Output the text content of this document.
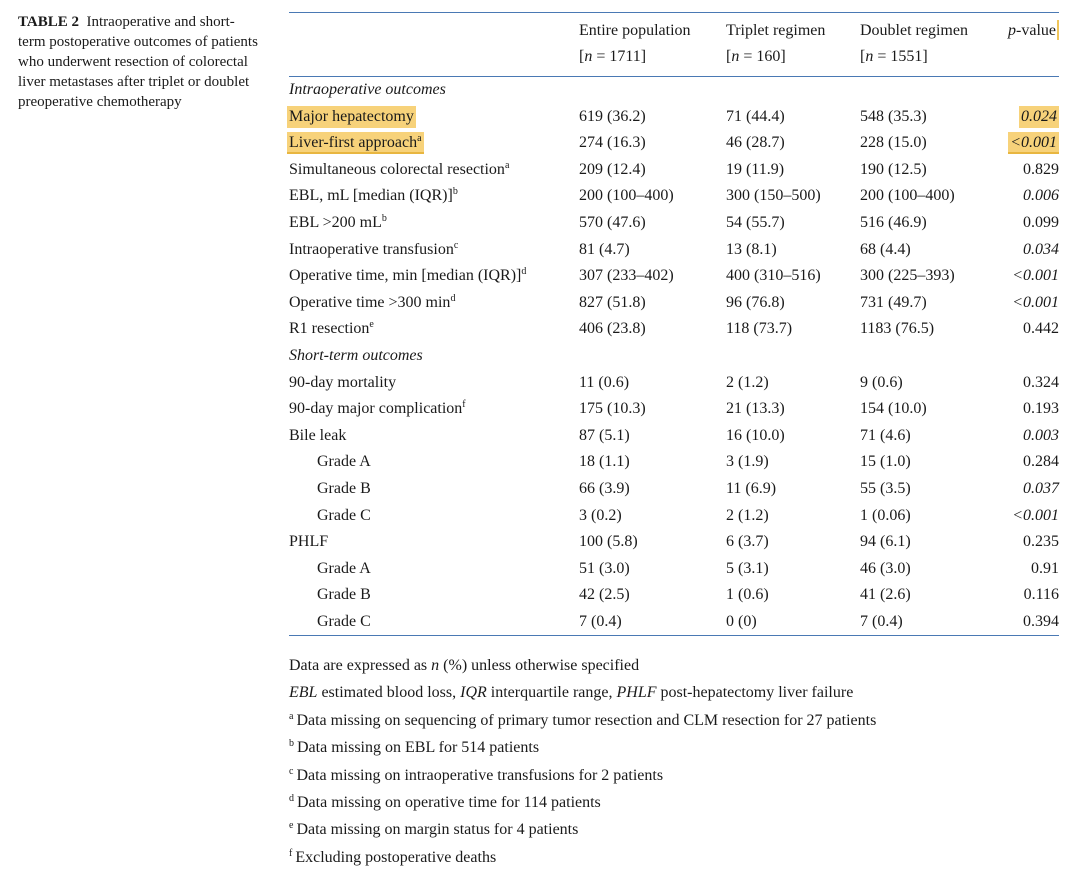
TABLE 2 Intraoperative and short-term postoperative outcomes of patients who underwent resection of colorectal liver metastases after triplet or doublet preoperative chemotherapy
	Entire population	Triplet regimen	Doublet regimen	p-value
	[n = 1711]	[n = 160]	[n = 1551]	
Intraoperative outcomes				
Major hepatectomy	619 (36.2)	71 (44.4)	548 (35.3)	0.024
Liver-first approach$^a$	274 (16.3)	46 (28.7)	228 (15.0)	<0.001
Simultaneous colorectal resection$^a$	209 (12.4)	19 (11.9)	190 (12.5)	0.829
EBL, mL [median (IQR)]$^b$	200 (100–400)	300 (150–500)	200 (100–400)	0.006
EBL >200 $mL^b$	570 (47.6)	54 (55.7)	516 (46.9)	0.099
Intraoperative transfusion$^c$	81 (4.7)	13 (8.1)	68 (4.4)	0.034
Operative time, min [median (IQR)]$^d$	307 (233–402)	400 (310–516)	300 (225–393)	<0.001
Operative time >300 $\min^d$	827 (51.8)	96 (76.8)	731 (49.7)	<0.001
R1 resection$^e$	406 (23.8)	118 (73.7)	1183 (76.5)	0.442
Short-term outcomes				
90-day mortality	11 (0.6)	2 (1.2)	9 (0.6)	0.324
90-day major complication$^f$	175 (10.3)	21 (13.3)	154 (10.0)	0.193
Bile leak	87 (5.1)	16 (10.0)	71 (4.6)	0.003
Grade A	18 (1.1)	3 (1.9)	15 (1.0)	0.284
Grade B	66 (3.9)	11 (6.9)	55 (3.5)	0.037
Grade C	3 (0.2)	2 (1.2)	1 (0.06)	<0.001
PHLF	100 (5.8)	6 (3.7)	94 (6.1)	0.235
Grade A	51 (3.0)	5 (3.1)	46 (3.0)	0.91
Grade B	42 (2.5)	1 (0.6)	41 (2.6)	0.116
Grade C	7 (0.4)	0 (0)	7 (0.4)	0.394

Data are expressed as n (%) unless otherwise specified

EBL estimated blood loss, IQR interquartile range, PHLF post-hepatectomy liver failure

$^a$ Data missing on sequencing of primary tumor resection and CLM resection for 27 patients

$^b$ Data missing on EBL for 514 patients

$^c$ Data missing on intraoperative transfusions for 2 patients

$^d$ Data missing on operative time for 114 patients

$^e$ Data missing on margin status for 4 patients

$^f$ Excluding postoperative deaths
